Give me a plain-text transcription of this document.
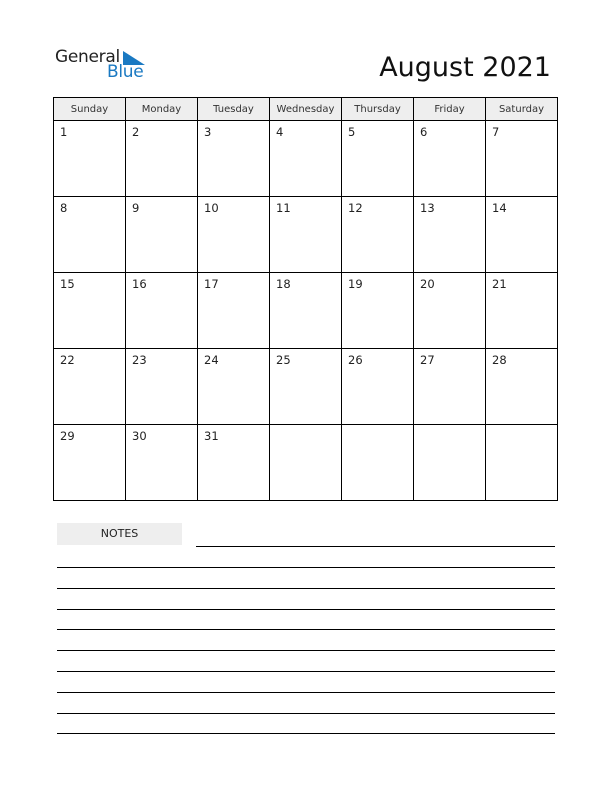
General
Blue	August 2021
Sunday	Monday	Tuesday	Wednesday	Thursday	Friday	Saturday

1	2	3	4	5	6	7

8	9	10	11	12	13	14

15	16	17	18	19	20	21

22	23	24	25	26	27	28

29	30	31				

NOTES
